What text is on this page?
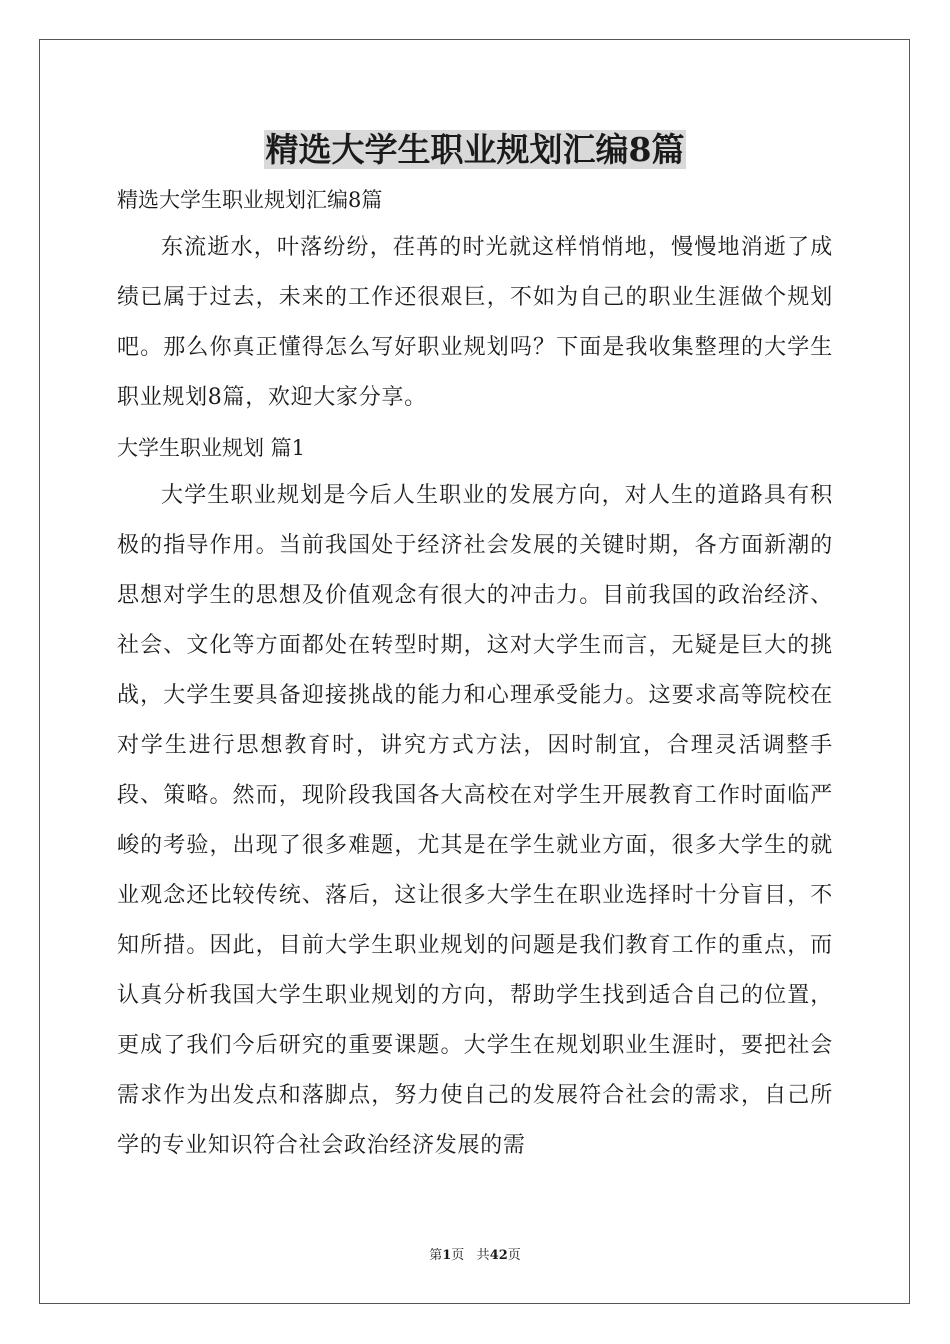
精选大学生职业规划汇编8篇

精选大学生职业规划汇编8篇

东流逝水，叶落纷纷，荏苒的时光就这样悄悄地，慢慢地消逝了成绩已属于过去，未来的工作还很艰巨，不如为自己的职业生涯做个规划吧。那么你真正懂得怎么写好职业规划吗？下面是我收集整理的大学生职业规划8篇，欢迎大家分享。

大学生职业规划 篇1

大学生职业规划是今后人生职业的发展方向，对人生的道路具有积极的指导作用。当前我国处于经济社会发展的关键时期，各方面新潮的思想对学生的思想及价值观念有很大的冲击力。目前我国的政治经济、社会、文化等方面都处在转型时期，这对大学生而言，无疑是巨大的挑战，大学生要具备迎接挑战的能力和心理承受能力。这要求高等院校在对学生进行思想教育时，讲究方式方法，因时制宜，合理灵活调整手段、策略。然而，现阶段我国各大高校在对学生开展教育工作时面临严峻的考验，出现了很多难题，尤其是在学生就业方面，很多大学生的就业观念还比较传统、落后，这让很多大学生在职业选择时十分盲目，不知所措。因此，目前大学生职业规划的问题是我们教育工作的重点，而认真分析我国大学生职业规划的方向，帮助学生找到适合自己的位置，更成了我们今后研究的重要课题。大学生在规划职业生涯时，要把社会需求作为出发点和落脚点，努力使自己的发展符合社会的需求，自己所学的专业知识符合社会政治经济发展的需

第1页 共42页
